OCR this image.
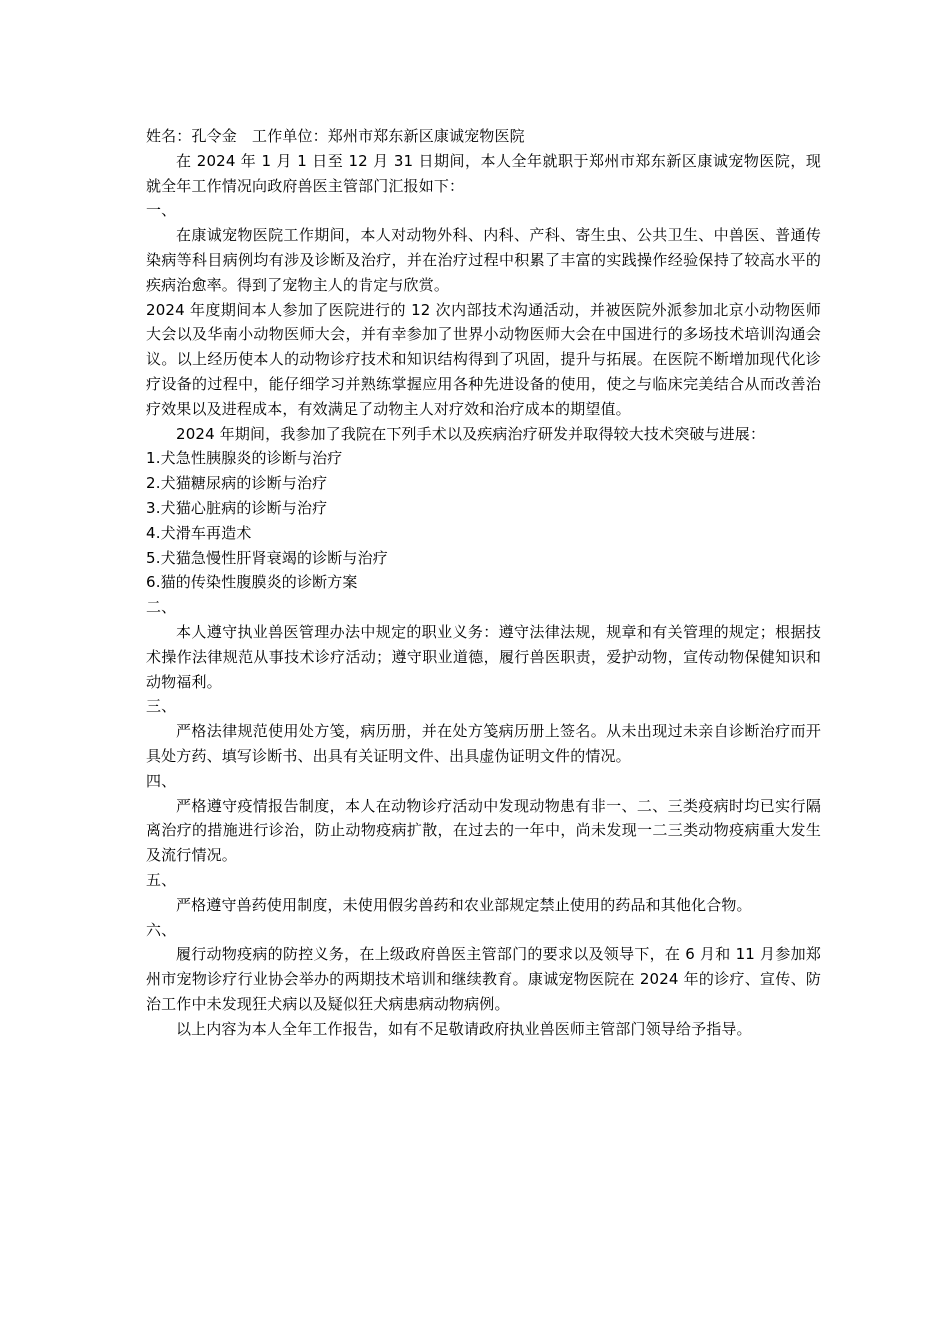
姓名：孔令金　工作单位：郑州市郑东新区康诚宠物医院

在 2024 年 1 月 1 日至 12 月 31 日期间，本人全年就职于郑州市郑东新区康诚宠物医院，现就全年工作情况向政府兽医主管部门汇报如下：

一、

在康诚宠物医院工作期间，本人对动物外科、内科、产科、寄生虫、公共卫生、中兽医、普通传染病等科目病例均有涉及诊断及治疗，并在治疗过程中积累了丰富的实践操作经验保持了较高水平的疾病治愈率。得到了宠物主人的肯定与欣赏。

2024 年度期间本人参加了医院进行的 12 次内部技术沟通活动，并被医院外派参加北京小动物医师大会以及华南小动物医师大会，并有幸参加了世界小动物医师大会在中国进行的多场技术培训沟通会议。以上经历使本人的动物诊疗技术和知识结构得到了巩固，提升与拓展。在医院不断增加现代化诊疗设备的过程中，能仔细学习并熟练掌握应用各种先进设备的使用，使之与临床完美结合从而改善治疗效果以及进程成本，有效满足了动物主人对疗效和治疗成本的期望值。

2024 年期间，我参加了我院在下列手术以及疾病治疗研发并取得较大技术突破与进展：

1.犬急性胰腺炎的诊断与治疗

2.犬猫糖尿病的诊断与治疗

3.犬猫心脏病的诊断与治疗

4.犬滑车再造术

5.犬猫急慢性肝肾衰竭的诊断与治疗

6.猫的传染性腹膜炎的诊断方案

二、

本人遵守执业兽医管理办法中规定的职业义务：遵守法律法规，规章和有关管理的规定；根据技术操作法律规范从事技术诊疗活动；遵守职业道德，履行兽医职责，爱护动物，宣传动物保健知识和动物福利。

三、

严格法律规范使用处方笺，病历册，并在处方笺病历册上签名。从未出现过未亲自诊断治疗而开具处方药、填写诊断书、出具有关证明文件、出具虚伪证明文件的情况。

四、

严格遵守疫情报告制度，本人在动物诊疗活动中发现动物患有非一、二、三类疫病时均已实行隔离治疗的措施进行诊治，防止动物疫病扩散，在过去的一年中，尚未发现一二三类动物疫病重大发生及流行情况。

五、

严格遵守兽药使用制度，未使用假劣兽药和农业部规定禁止使用的药品和其他化合物。

六、

履行动物疫病的防控义务，在上级政府兽医主管部门的要求以及领导下，在 6 月和 11 月参加郑州市宠物诊疗行业协会举办的两期技术培训和继续教育。康诚宠物医院在 2024 年的诊疗、宣传、防治工作中未发现狂犬病以及疑似狂犬病患病动物病例。

以上内容为本人全年工作报告，如有不足敬请政府执业兽医师主管部门领导给予指导。
